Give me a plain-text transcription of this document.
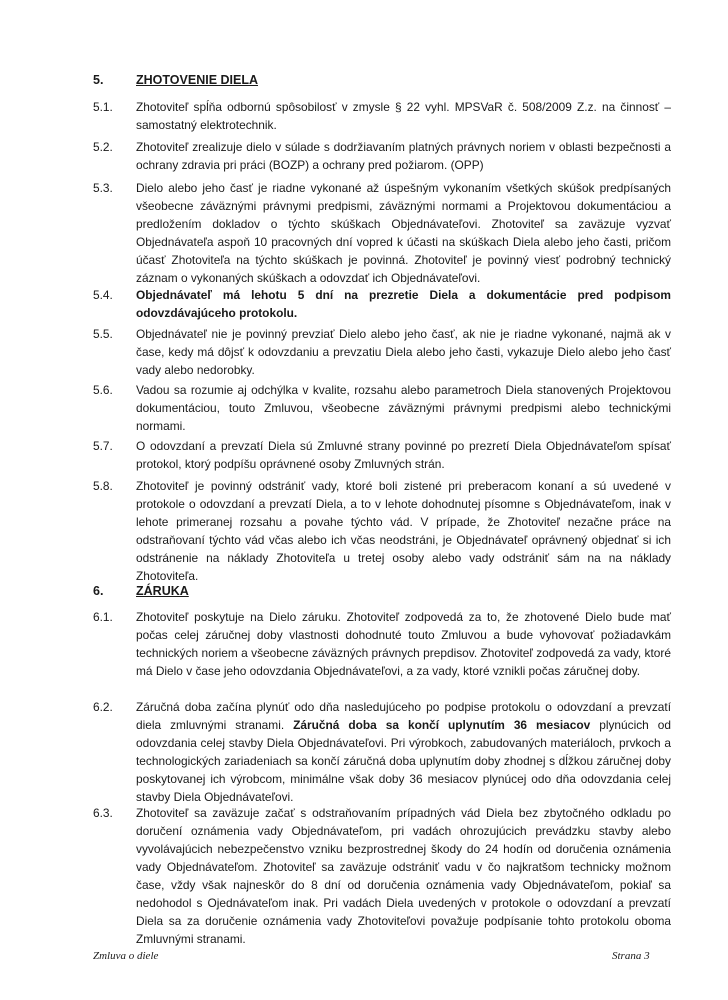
5.	ZHOTOVENIE DIELA
5.1. Zhotoviteľ spĺňa odbornú spôsobilosť v zmysle § 22 vyhl. MPSVaR č. 508/2009 Z.z. na činnosť – samostatný elektrotechnik.
5.2. Zhotoviteľ zrealizuje dielo v súlade s dodržiavaním platných právnych noriem v oblasti bezpečnosti a ochrany zdravia pri práci (BOZP) a ochrany pred požiarom. (OPP)
5.3. Dielo alebo jeho časť je riadne vykonané až úspešným vykonaním všetkých skúšok predpísaných všeobecne záväznými právnymi predpismi, záväznými normami a Projektovou dokumentáciou a predložením dokladov o týchto skúškach Objednávateľovi. Zhotoviteľ sa zaväzuje vyzvať Objednávateľa aspoň 10 pracovných dní vopred k účasti na skúškach Diela alebo jeho časti, pričom účasť Zhotoviteľa na týchto skúškach je povinná. Zhotoviteľ je povinný viesť podrobný technický záznam o vykonaných skúškach a odovzdať ich Objednávateľovi.
5.4. Objednávateľ má lehotu 5 dní na prezretie Diela a dokumentácie pred podpisom odovzdávajúceho protokolu.
5.5. Objednávateľ nie je povinný prevziať Dielo alebo jeho časť, ak nie je riadne vykonané, najmä ak v čase, kedy má dôjsť k odovzdaniu a prevzatiu Diela alebo jeho časti, vykazuje Dielo alebo jeho časť vady alebo nedorobky.
5.6. Vadou sa rozumie aj odchýlka v kvalite, rozsahu alebo parametroch Diela stanovených Projektovou dokumentáciou, touto Zmluvou, všeobecne záväznými právnymi predpismi alebo technickými normami.
5.7. O odovzdaní a prevzatí Diela sú Zmluvné strany povinné po prezretí Diela Objednávateľom spísať protokol, ktorý podpíšu oprávnené osoby Zmluvných strán.
5.8. Zhotoviteľ je povinný odstrániť vady, ktoré boli zistené pri preberacom konaní a sú uvedené v protokole o odovzdaní a prevzatí Diela, a to v lehote dohodnutej písomne s Objednávateľom, inak v lehote primeranej rozsahu a povahe týchto vád. V prípade, že Zhotoviteľ nezačne práce na odstraňovaní týchto vád včas alebo ich včas neodstráni, je Objednávateľ oprávnený objednať si ich odstránenie na náklady Zhotoviteľa u tretej osoby alebo vady odstrániť sám na na náklady Zhotoviteľa.
6.	ZÁRUKA
6.1. Zhotoviteľ poskytuje na Dielo záruku. Zhotoviteľ zodpovedá za to, že zhotovené Dielo bude mať počas celej záručnej doby vlastnosti dohodnuté touto Zmluvou a bude vyhovovať požiadavkám technických noriem a všeobecne záväzných právnych prepdisov. Zhotoviteľ zodpovedá za vady, ktoré má Dielo v čase jeho odovzdania Objednávateľovi, a za vady, ktoré vznikli počas záručnej doby.
6.2. Záručná doba začína plynúť odo dňa nasledujúceho po podpise protokolu o odovzdaní a prevzatí diela zmluvnými stranami. Záručná doba sa končí uplynutím 36 mesiacov plynúcich od odovzdania celej stavby Diela Objednávateľovi. Pri výrobkoch, zabudovaných materiáloch, prvkoch a technologických zariadeniach sa končí záručná doba uplynutím doby zhodnej s dĺžkou záručnej doby poskytovanej ich výrobcom, minimálne však doby 36 mesiacov plynúcej odo dňa odovzdania celej stavby Diela Objednávateľovi.
6.3. Zhotoviteľ sa zaväzuje začať s odstraňovaním prípadných vád Diela bez zbytočného odkladu po doručení oznámenia vady Objednávateľom, pri vadách ohrozujúcich prevádzku stavby alebo vyvolávajúcich nebezpečenstvo vzniku bezprostrednej škody do 24 hodín od doručenia oznámenia vady Objednávateľom. Zhotoviteľ sa zaväzuje odstrániť vadu v čo najkratšom technicky možnom čase, vždy však najneskôr do 8 dní od doručenia oznámenia vady Objednávateľom, pokiaľ sa nedohodol s Ojednávateľom inak. Pri vadách Diela uvedených v protokole o odovzdaní a prevzatí Diela sa za doručenie oznámenia vady Zhotoviteľovi považuje podpísanie tohto protokolu oboma Zmluvnými stranami.
Zmluva o diele	Strana 3
